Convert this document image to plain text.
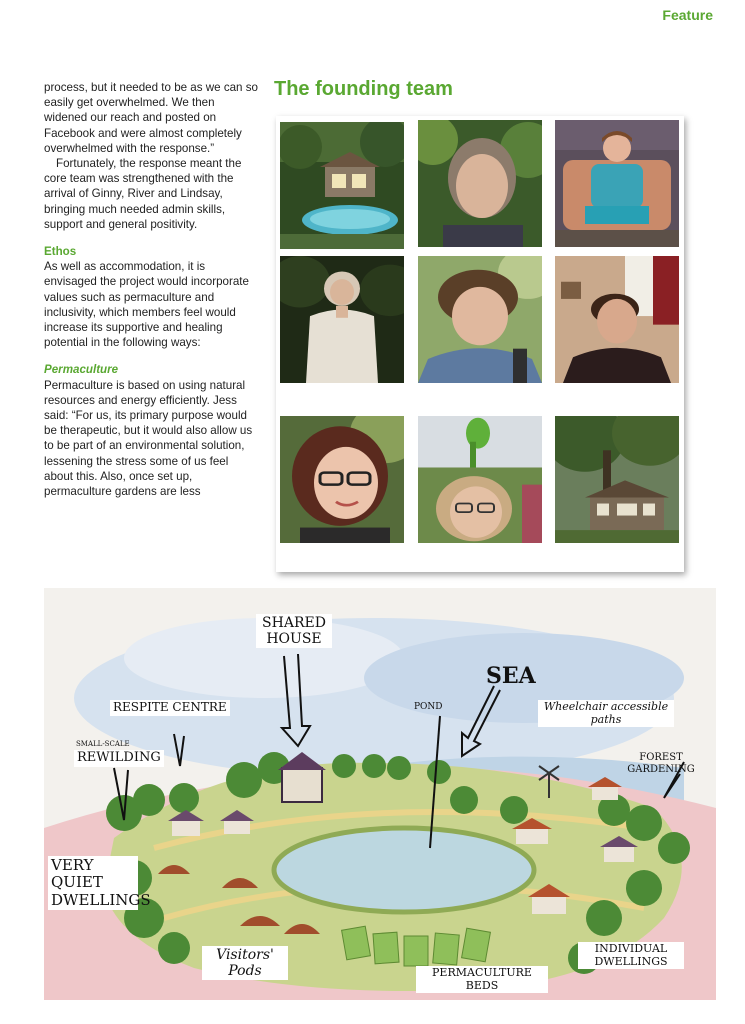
Feature

process, but it needed to be as we can so easily get overwhelmed. We then widened our reach and posted on Facebook and were almost completely overwhelmed with the response.”

Fortunately, the response meant the core team was strengthened with the arrival of Ginny, River and Lindsay, bringing much needed admin skills, support and general positivity.

Ethos

As well as accommodation, it is envisaged the project would incorporate values such as permaculture and inclusivity, which members feel would increase its supportive and healing potential in the following ways:

Permaculture

Permaculture is based on using natural resources and energy efficiently. Jess said: “For us, its primary purpose would be therapeutic, but it would also allow us to be part of an environmental solution, lessening the stress some of us feel about this. Also, once set up, permaculture gardens are less

The founding team
SHARED HOUSE
SEA
RESPITE CENTRE	POND	Wheelchair accessible paths
SMALL-SCALE
REWILDING	FOREST GARDENING
VERY QUIET DWELLINGS
Visitors' Pods	PERMACULTURE BEDS
INDIVIDUAL DWELLINGS
